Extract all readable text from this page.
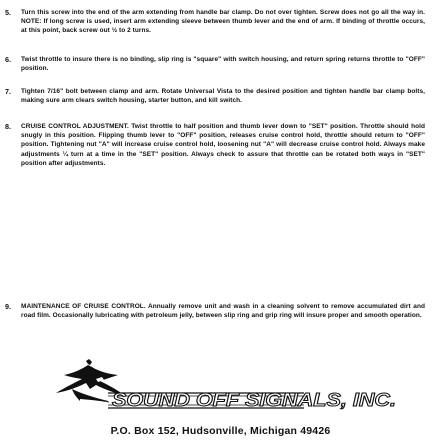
5.	Turn this screw into the end of the arm extending from handle bar clamp. Do not over tighten. Screw does not go all the way in. NOTE: If long screw is used, insert arm extending sleeve between thumb lever and the end of arm. If binding of throttle occurs, at this point, back screw out ½ to 2 turns.
6.	Twist throttle to insure there is no binding, slip ring is "square" with switch housing, and return spring returns throttle to "OFF" position.
7.	Tighten 7/16" bolt between clamp and arm. Rotate Universal Vista to the desired position and tighten handle bar clamp bolts, making sure arm clears switch housing, starter button, and kill switch.
8.	CRUISE CONTROL ADJUSTMENT. Twist throttle to half position and thumb lever down to "SET" position. Throttle should hold snugly in this position. Flipping thumb lever to "OFF" position, releases cruise control hold, throttle should return to "OFF" position. Tightening nut "A" will increase cruise control hold, loosening nut "A" will decrease cruise control hold. Always make adjustments ¼ turn at a time in the "SET" position. Always check to assure that throttle can be rotated both ways in "SET" position after adjustments.
9.	MAINTENANCE OF CRUISE CONTROL. Annually remove unit and wash in a cleaning solvent to remove accumulated dirt and road film. Occasionally lubricating with petroleum jelly, between slip ring and grip ring will insure proper and smooth operation.
SOUND OFF SIGNALS, INC.
P.O. Box 152, Hudsonville, Michigan 49426
